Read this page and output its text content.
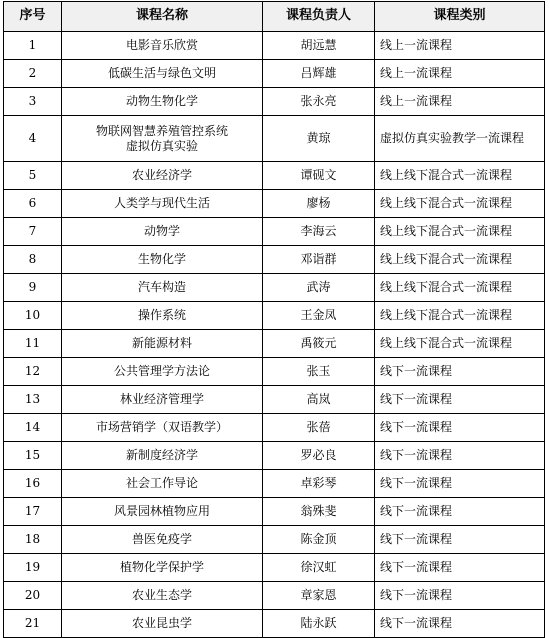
序号	课程名称	课程负责人	课程类别
1	电影音乐欣赏	胡远慧	线上一流课程
2	低碳生活与绿色文明	吕辉雄	线上一流课程
3	动物生物化学	张永亮	线上一流课程
4	物联网智慧养殖管控系统
虚拟仿真实验	黄琼	虚拟仿真实验教学一流课程
5	农业经济学	谭砚文	线上线下混合式一流课程
6	人类学与现代生活	廖杨	线上线下混合式一流课程
7	动物学	李海云	线上线下混合式一流课程
8	生物化学	邓诣群	线上线下混合式一流课程
9	汽车构造	武涛	线上线下混合式一流课程
10	操作系统	王金凤	线上线下混合式一流课程
11	新能源材料	禹筱元	线上线下混合式一流课程
12	公共管理学方法论	张玉	线下一流课程
13	林业经济管理学	高岚	线下一流课程
14	市场营销学（双语教学）	张蓓	线下一流课程
15	新制度经济学	罗必良	线下一流课程
16	社会工作导论	卓彩琴	线下一流课程
17	风景园林植物应用	翁殊斐	线下一流课程
18	兽医免疫学	陈金顶	线下一流课程
19	植物化学保护学	徐汉虹	线下一流课程
20	农业生态学	章家恩	线下一流课程
21	农业昆虫学	陆永跃	线下一流课程
